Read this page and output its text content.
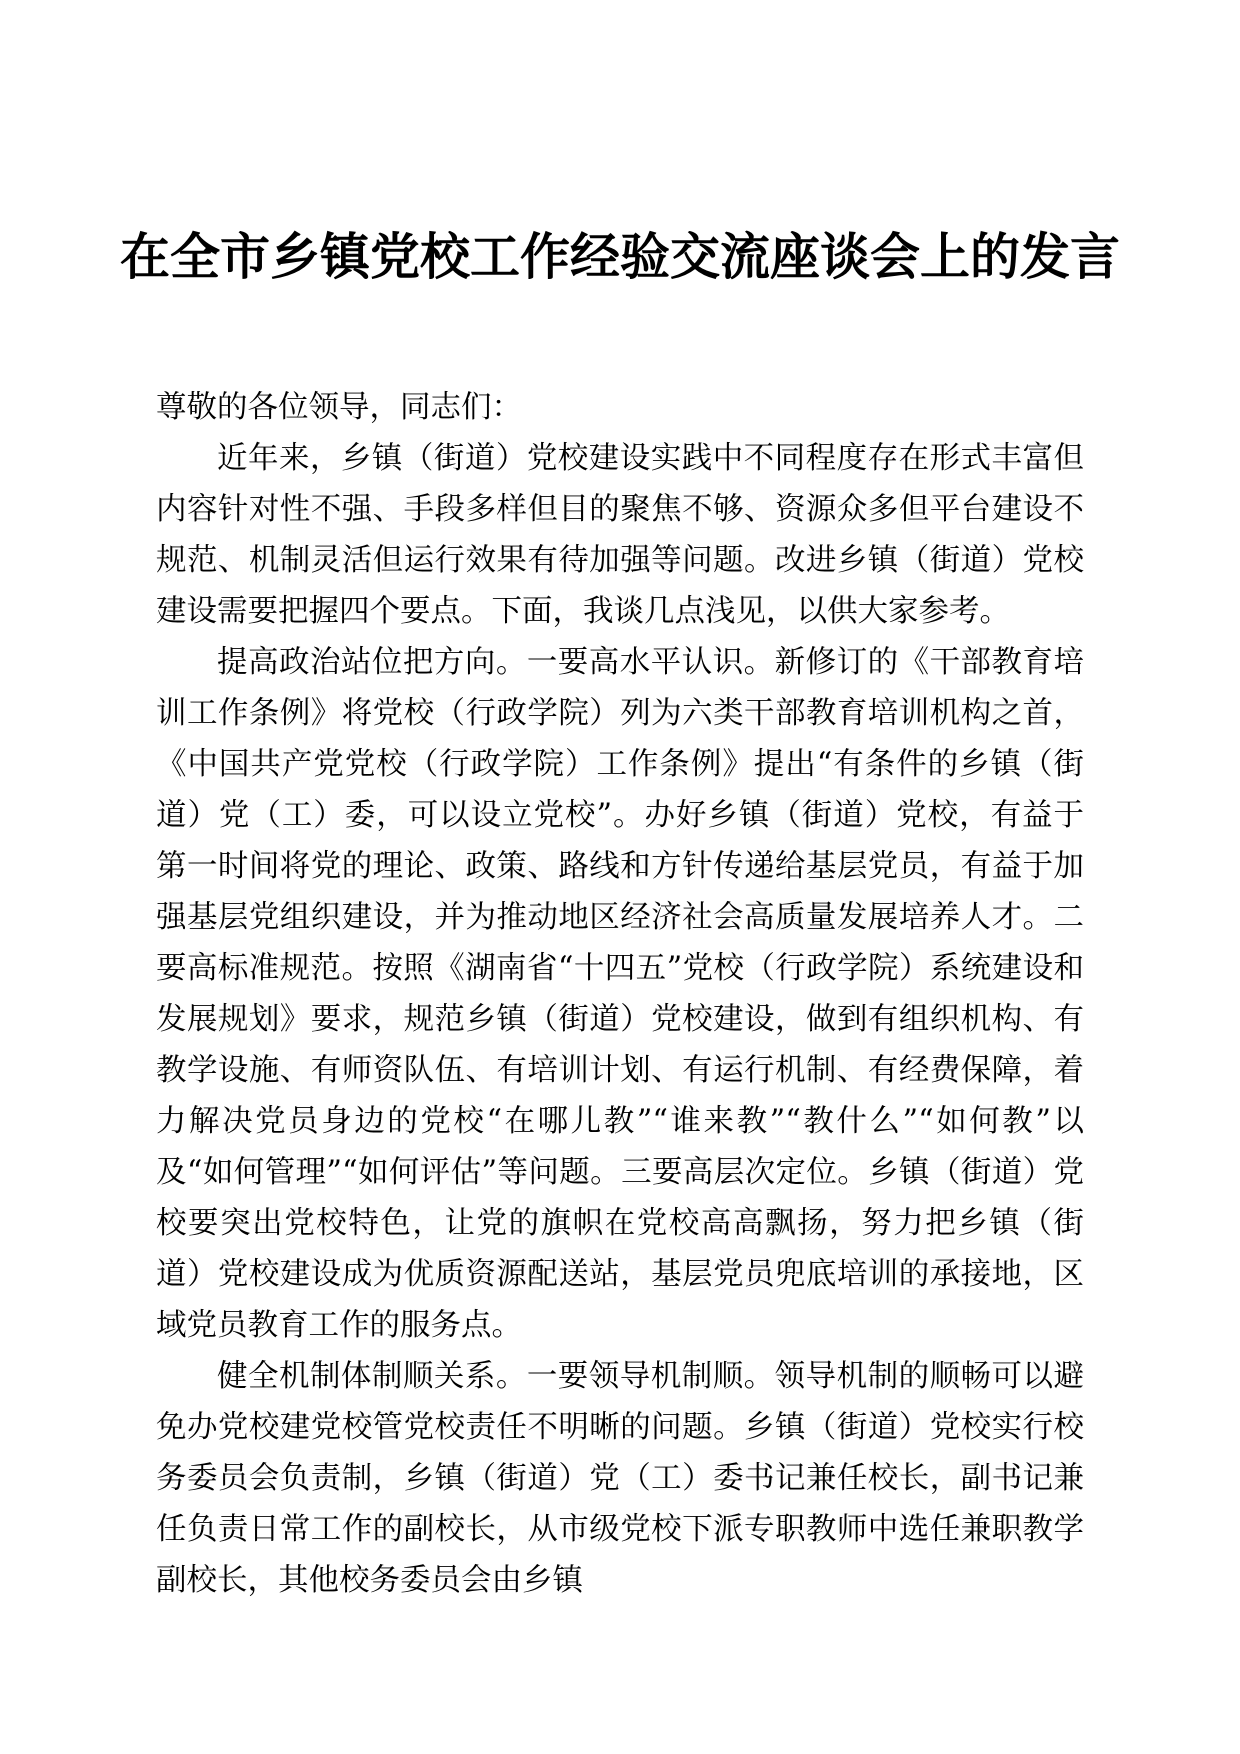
在全市乡镇党校工作经验交流座谈会上的发言

尊敬的各位领导，同志们：

近年来，乡镇（街道）党校建设实践中不同程度存在形式丰富但内容针对性不强、手段多样但目的聚焦不够、资源众多但平台建设不规范、机制灵活但运行效果有待加强等问题。改进乡镇（街道）党校建设需要把握四个要点。下面，我谈几点浅见，以供大家参考。

提高政治站位把方向。一要高水平认识。新修订的《干部教育培训工作条例》将党校（行政学院）列为六类干部教育培训机构之首，《中国共产党党校（行政学院）工作条例》提出“有条件的乡镇（街道）党（工）委，可以设立党校”。办好乡镇（街道）党校，有益于第一时间将党的理论、政策、路线和方针传递给基层党员，有益于加强基层党组织建设，并为推动地区经济社会高质量发展培养人才。二要高标准规范。按照《湖南省“十四五”党校（行政学院）系统建设和发展规划》要求，规范乡镇（街道）党校建设，做到有组织机构、有教学设施、有师资队伍、有培训计划、有运行机制、有经费保障，着力解决党员身边的党校“在哪儿教”“谁来教”“教什么”“如何教”以及“如何管理”“如何评估”等问题。三要高层次定位。乡镇（街道）党校要突出党校特色，让党的旗帜在党校高高飘扬，努力把乡镇（街道）党校建设成为优质资源配送站，基层党员兜底培训的承接地，区域党员教育工作的服务点。

健全机制体制顺关系。一要领导机制顺。领导机制的顺畅可以避免办党校建党校管党校责任不明晰的问题。乡镇（街道）党校实行校务委员会负责制，乡镇（街道）党（工）委书记兼任校长，副书记兼任负责日常工作的副校长，从市级党校下派专职教师中选任兼职教学副校长，其他校务委员会由乡镇
